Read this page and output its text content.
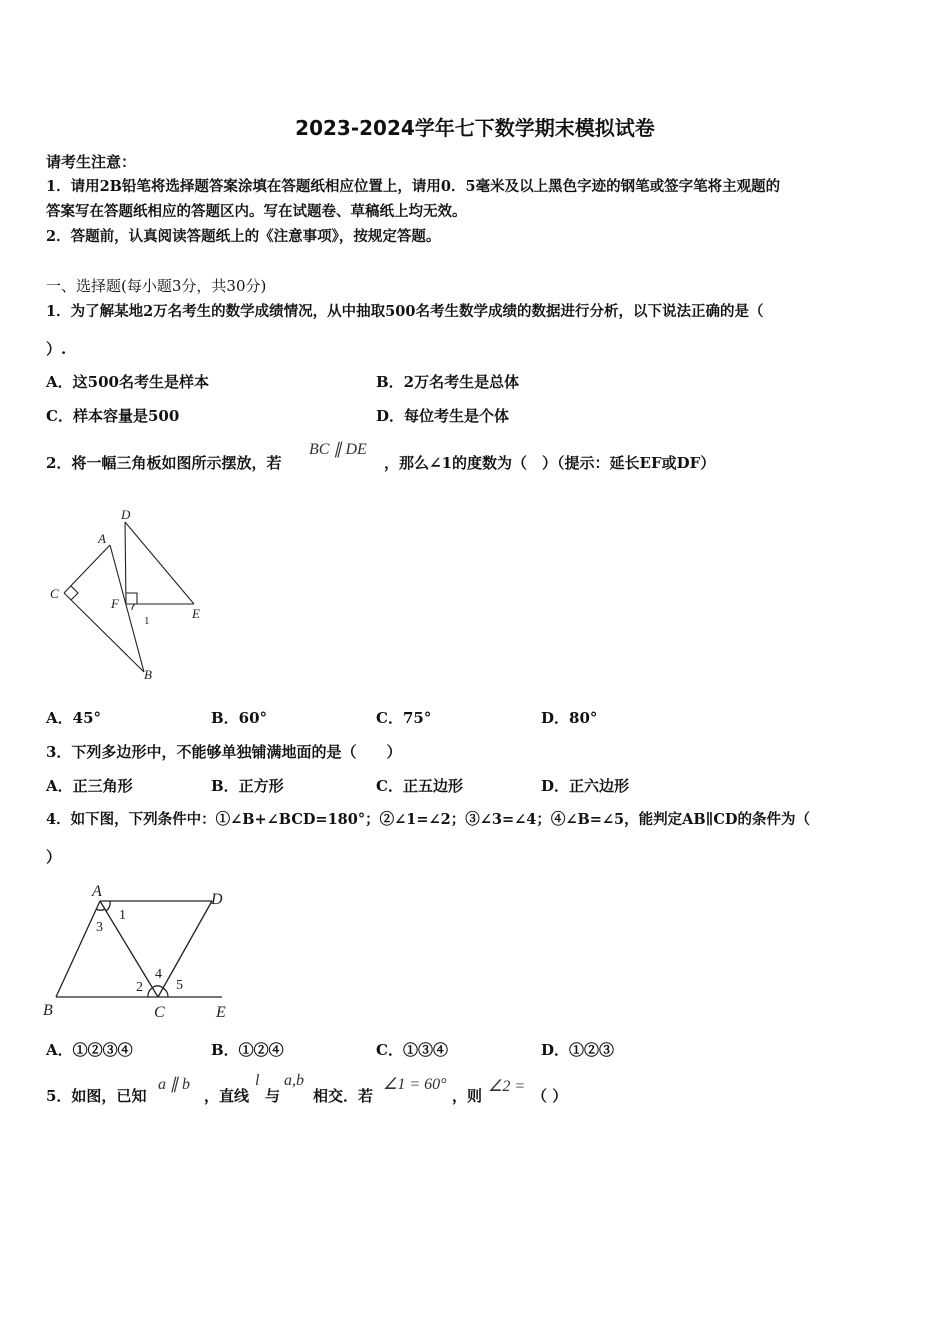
2023-2024学年七下数学期末模拟试卷
请考生注意：
1．请用2B铅笔将选择题答案涂填在答题纸相应位置上，请用0．5毫米及以上黑色字迹的钢笔或签字笔将主观题的
答案写在答题纸相应的答题区内。写在试题卷、草稿纸上均无效。
2．答题前，认真阅读答题纸上的《注意事项》，按规定答题。
一、选择题(每小题3分，共30分)
1．为了解某地2万名考生的数学成绩情况，从中抽取500名考生数学成绩的数据进行分析，以下说法正确的是（
）.
A．这500名考生是样本	B．2万名考生是总体
C．样本容量是500	D．每位考生是个体
2．将一幅三角板如图所示摆放，若
BC ∥ DE
，那么∠1的度数为（　）（提示：延长EF或DF）
D
A
C
F
E
B
1
A．45°	B．60°	C．75°	D．80°
3．下列多边形中，不能够单独铺满地面的是（　　）
A．正三角形	B．正方形	C．正五边形	D．正六边形
4．如下图，下列条件中：①∠B+∠BCD=180°；②∠1=∠2；③∠3=∠4；④∠B=∠5，能判定AB∥CD的条件为（
）
A	D
B	C	E
1
3
2
4
5
A．①②③④	B．①②④	C．①③④	D．①②③
5．如图，已知
a ∥ b
，直线
l
与
a,b
相交．若
∠1 = 60°
，则
∠2 =
（ ）
